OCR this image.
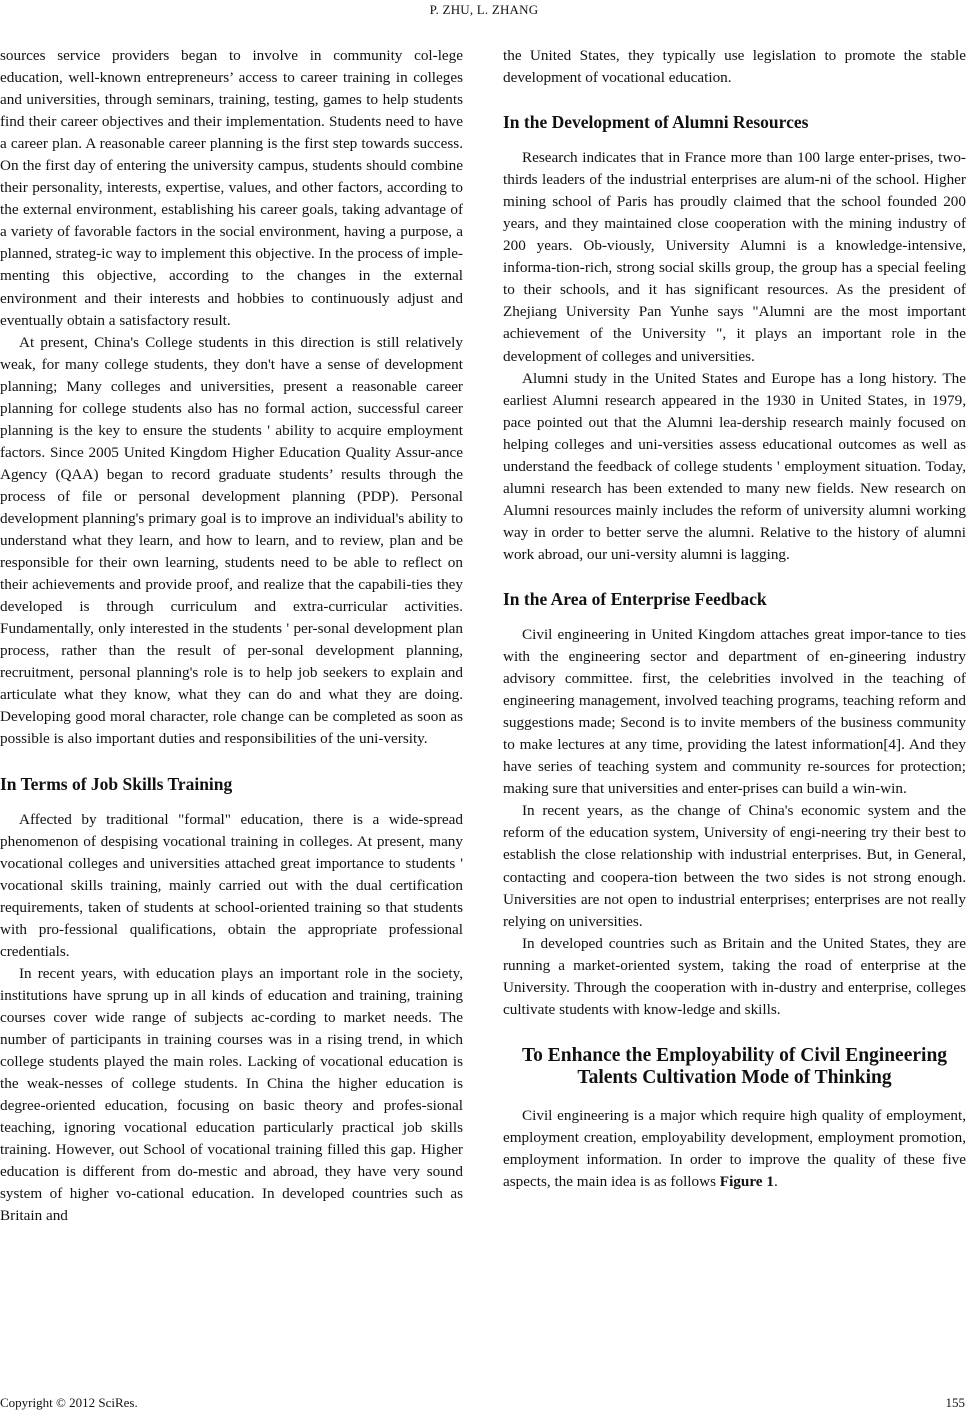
P. ZHU, L. ZHANG

sources service providers began to involve in community col-lege education, well-known entrepreneurs’ access to career training in colleges and universities, through seminars, training, testing, games to help students find their career objectives and their implementation. Students need to have a career plan. A reasonable career planning is the first step towards success. On the first day of entering the university campus, students should combine their personality, interests, expertise, values, and other factors, according to the external environment, establishing his career goals, taking advantage of a variety of favorable factors in the social environment, having a purpose, a planned, strateg-ic way to implement this objective. In the process of imple-menting this objective, according to the changes in the external environment and their interests and hobbies to continuously adjust and eventually obtain a satisfactory result.

At present, China's College students in this direction is still relatively weak, for many college students, they don't have a sense of development planning; Many colleges and universities, present a reasonable career planning for college students also has no formal action, successful career planning is the key to ensure the students ' ability to acquire employment factors. Since 2005 United Kingdom Higher Education Quality Assur-ance Agency (QAA) began to record graduate students’ results through the process of file or personal development planning (PDP). Personal development planning's primary goal is to improve an individual's ability to understand what they learn, and how to learn, and to review, plan and be responsible for their own learning, students need to be able to reflect on their achievements and provide proof, and realize that the capabili-ties they developed is through curriculum and extra-curricular activities. Fundamentally, only interested in the students ' per-sonal development plan process, rather than the result of per-sonal development planning, recruitment, personal planning's role is to help job seekers to explain and articulate what they know, what they can do and what they are doing. Developing good moral character, role change can be completed as soon as possible is also important duties and responsibilities of the uni-versity.

In Terms of Job Skills Training

Affected by traditional "formal" education, there is a wide-spread phenomenon of despising vocational training in colleges. At present, many vocational colleges and universities attached great importance to students ' vocational skills training, mainly carried out with the dual certification requirements, taken of students at school-oriented training so that students with pro-fessional qualifications, obtain the appropriate professional credentials.

In recent years, with education plays an important role in the society, institutions have sprung up in all kinds of education and training, training courses cover wide range of subjects ac-cording to market needs. The number of participants in training courses was in a rising trend, in which college students played the main roles. Lacking of vocational education is the weak-nesses of college students. In China the higher education is degree-oriented education, focusing on basic theory and profes-sional teaching, ignoring vocational education particularly practical job skills training. However, out School of vocational training filled this gap. Higher education is different from do-mestic and abroad, they have very sound system of higher vo-cational education. In developed countries such as Britain and

the United States, they typically use legislation to promote the stable development of vocational education.

In the Development of Alumni Resources

Research indicates that in France more than 100 large enter-prises, two-thirds leaders of the industrial enterprises are alum-ni of the school. Higher mining school of Paris has proudly claimed that the school founded 200 years, and they maintained close cooperation with the mining industry of 200 years. Ob-viously, University Alumni is a knowledge-intensive, informa-tion-rich, strong social skills group, the group has a special feeling to their schools, and it has significant resources. As the president of Zhejiang University Pan Yunhe says "Alumni are the most important achievement of the University ", it plays an important role in the development of colleges and universities.

Alumni study in the United States and Europe has a long history. The earliest Alumni research appeared in the 1930 in United States, in 1979, pace pointed out that the Alumni lea-dership research mainly focused on helping colleges and uni-versities assess educational outcomes as well as understand the feedback of college students ' employment situation. Today, alumni research has been extended to many new fields. New research on Alumni resources mainly includes the reform of university alumni working way in order to better serve the alumni. Relative to the history of alumni work abroad, our uni-versity alumni is lagging.

In the Area of Enterprise Feedback

Civil engineering in United Kingdom attaches great impor-tance to ties with the engineering sector and department of en-gineering industry advisory committee. first, the celebrities involved in the teaching of engineering management, involved teaching programs, teaching reform and suggestions made; Second is to invite members of the business community to make lectures at any time, providing the latest information[4]. And they have series of teaching system and community re-sources for protection; making sure that universities and enter-prises can build a win-win.

In recent years, as the change of China's economic system and the reform of the education system, University of engi-neering try their best to establish the close relationship with industrial enterprises. But, in General, contacting and coopera-tion between the two sides is not strong enough. Universities are not open to industrial enterprises; enterprises are not really relying on universities.

In developed countries such as Britain and the United States, they are running a market-oriented system, taking the road of enterprise at the University. Through the cooperation with in-dustry and enterprise, colleges cultivate students with know-ledge and skills.

To Enhance the Employability of Civil Engineering Talents Cultivation Mode of Thinking

Civil engineering is a major which require high quality of employment, employment creation, employability development, employment promotion, employment information. In order to improve the quality of these five aspects, the main idea is as follows Figure 1.

Copyright © 2012 SciRes.	155
